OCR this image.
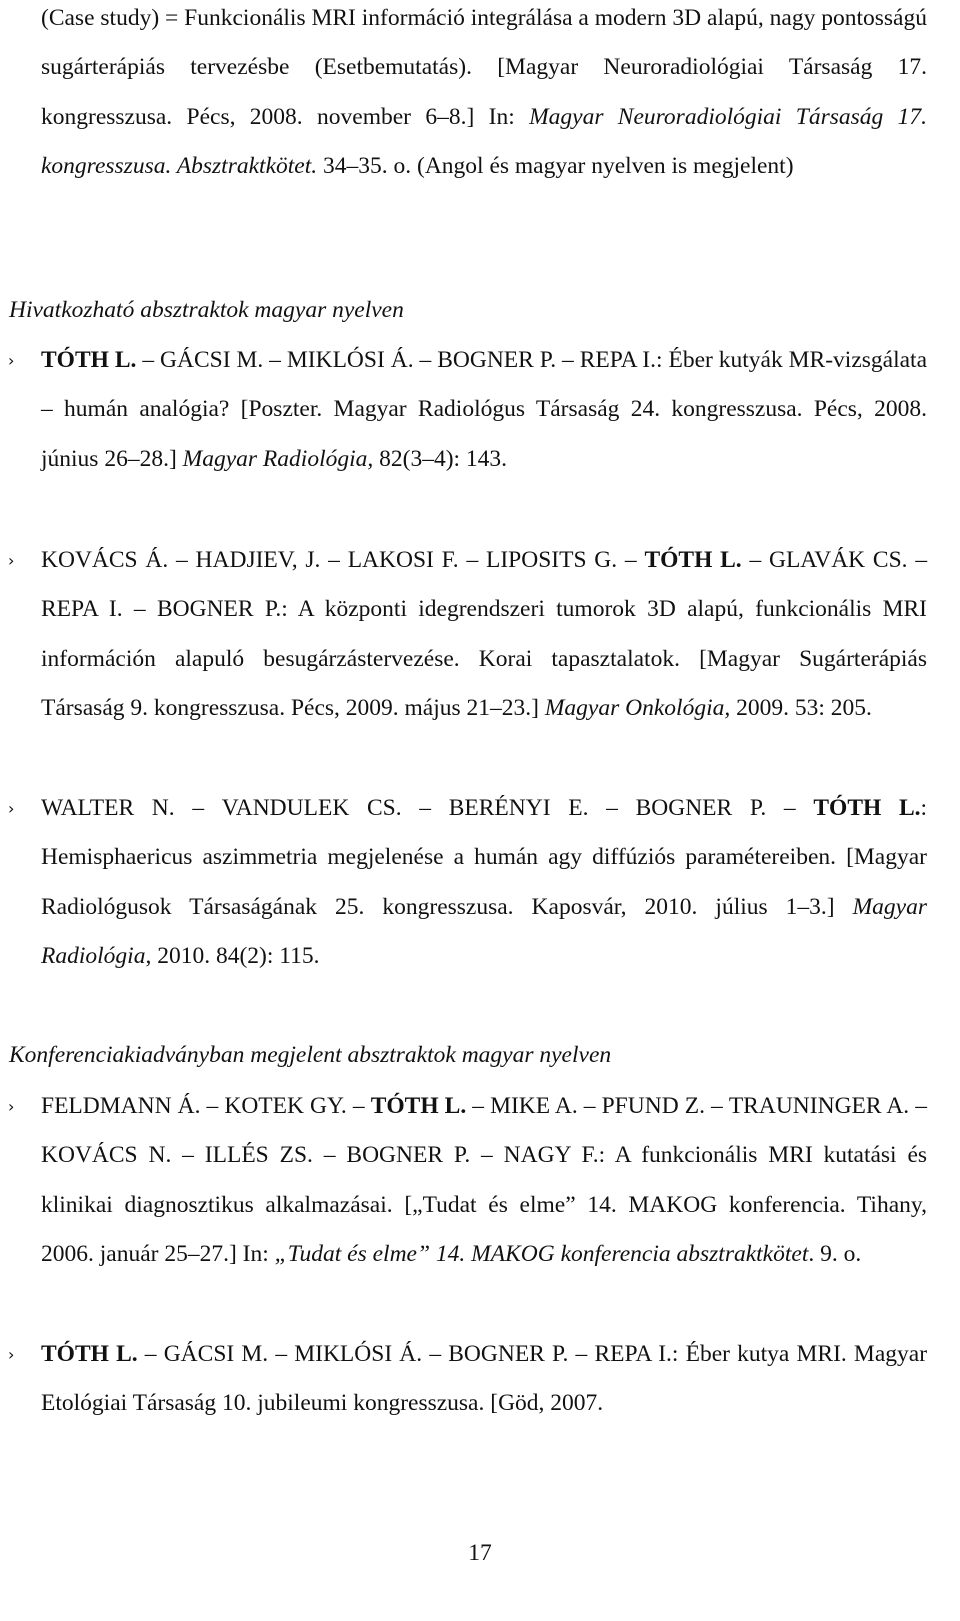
(Case study) = Funkcionális MRI információ integrálása a modern 3D alapú, nagy pontosságú sugárterápiás tervezésbe (Esetbemutatás). [Magyar Neuroradiológiai Társaság 17. kongresszusa. Pécs, 2008. november 6–8.] In: Magyar Neuroradiológiai Társaság 17. kongresszusa. Absztraktkötet. 34–35. o. (Angol és magyar nyelven is megjelent)
Hivatkozható absztraktok magyar nyelven
›	TÓTH L. – GÁCSI M. – MIKLÓSI Á. – BOGNER P. – REPA I.: Éber kutyák MR-vizsgálata – humán analógia? [Poszter. Magyar Radiológus Társaság 24. kongresszusa. Pécs, 2008. június 26–28.] Magyar Radiológia, 82(3–4): 143.
›	KOVÁCS Á. – HADJIEV, J. – LAKOSI F. – LIPOSITS G. – TÓTH L. – GLAVÁK CS. – REPA I. – BOGNER P.: A központi idegrendszeri tumorok 3D alapú, funkcionális MRI információn alapuló besugárzástervezése. Korai tapasztalatok. [Magyar Sugárterápiás Társaság 9. kongresszusa. Pécs, 2009. május 21–23.] Magyar Onkológia, 2009. 53: 205.
›	WALTER N. – VANDULEK CS. – BERÉNYI E. – BOGNER P. – TÓTH L.: Hemisphaericus aszimmetria megjelenése a humán agy diffúziós paramétereiben. [Magyar Radiológusok Társaságának 25. kongresszusa. Kaposvár, 2010. július 1–3.] Magyar Radiológia, 2010. 84(2): 115.
Konferenciakiadványban megjelent absztraktok magyar nyelven
›	FELDMANN Á. – KOTEK GY. – TÓTH L. – MIKE A. – PFUND Z. – TRAUNINGER A. – KOVÁCS N. – ILLÉS ZS. – BOGNER P. – NAGY F.: A funkcionális MRI kutatási és klinikai diagnosztikus alkalmazásai. [„Tudat és elme” 14. MAKOG konferencia. Tihany, 2006. január 25–27.] In: „Tudat és elme” 14. MAKOG konferencia absztraktkötet. 9. o.
›	TÓTH L. – GÁCSI M. – MIKLÓSI Á. – BOGNER P. – REPA I.: Éber kutya MRI. Magyar Etológiai Társaság 10. jubileumi kongresszusa. [Göd, 2007.
17
